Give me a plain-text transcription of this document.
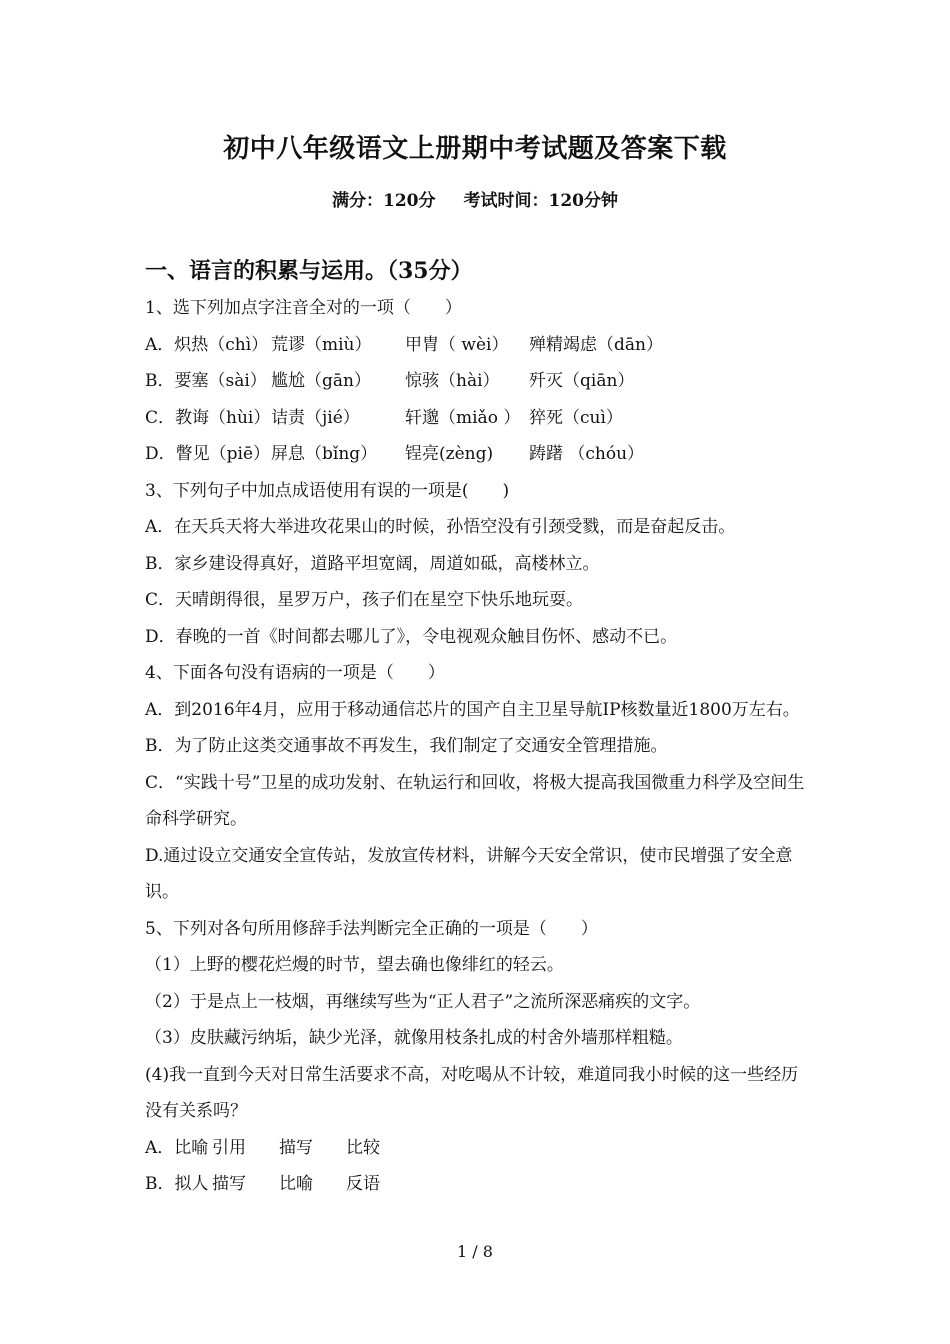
初中八年级语文上册期中考试题及答案下载
满分：120分 考试时间：120分钟
一、语言的积累与运用。（35分）
1、选下列加点字注音全对的一项（　　）
A．炽热（chì） 荒谬（miù） 甲胄（ wèi） 殚精竭虑（dān）
B．要塞（sài） 尴尬（gān） 惊骇（hài） 歼灭（qiān）
C．教诲（hùi）诘责（jié）	轩邈（miǎo ） 猝死（cuì）
D．瞥见（piē）屏息（bǐng） 锃亮(zèng) 踌躇 （chóu）
3、下列句子中加点成语使用有误的一项是(　　)
A．在天兵天将大举进攻花果山的时候，孙悟空没有引颈受戮，而是奋起反击。
B．家乡建设得真好，道路平坦宽阔，周道如砥，高楼林立。
C．天晴朗得很，星罗万户，孩子们在星空下快乐地玩耍。
D．春晚的一首《时间都去哪儿了》，令电视观众触目伤怀、感动不已。
4、下面各句没有语病的一项是（　　）
A．到2016年4月，应用于移动通信芯片的国产自主卫星导航IP核数量近1800万左右。
B．为了防止这类交通事故不再发生，我们制定了交通安全管理措施。
C．“实践十号”卫星的成功发射、在轨运行和回收，将极大提高我国微重力科学及空间生命科学研究。
D.通过设立交通安全宣传站，发放宣传材料，讲解今天安全常识，使市民增强了安全意识。
5、下列对各句所用修辞手法判断完全正确的一项是（　　）
（1）上野的樱花烂熳的时节，望去确也像绯红的轻云。
（2）于是点上一枝烟，再继续写些为“正人君子”之流所深恶痛疾的文字。
（3）皮肤藏污纳垢，缺少光泽，就像用枝条扎成的村舍外墙那样粗糙。
(4)我一直到今天对日常生活要求不高，对吃喝从不计较，难道同我小时候的这一些经历没有关系吗？
A．比喻 引用 描写 比较
B．拟人 描写 比喻 反语
1 / 8
